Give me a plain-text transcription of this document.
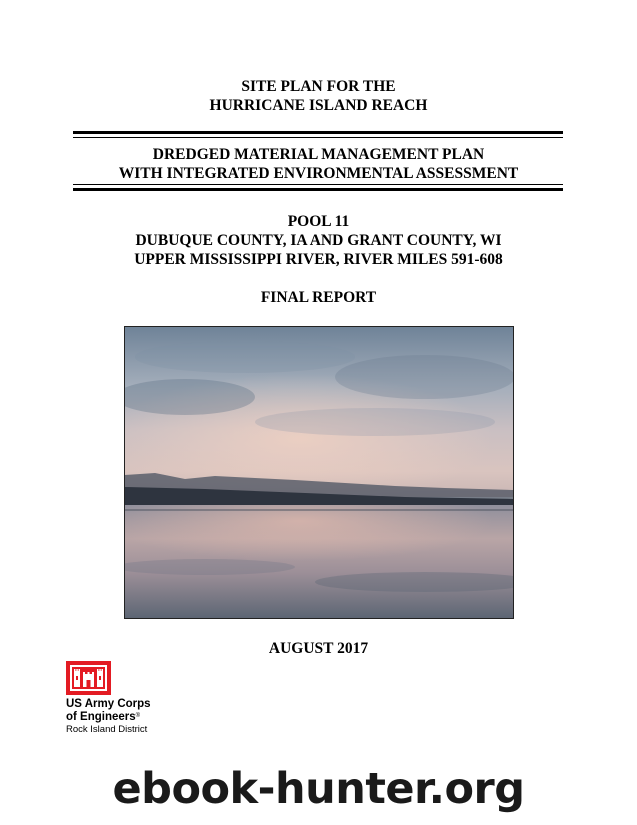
SITE PLAN FOR THE
HURRICANE ISLAND REACH
DREDGED MATERIAL MANAGEMENT PLAN
WITH INTEGRATED ENVIRONMENTAL ASSESSMENT
POOL 11
DUBUQUE COUNTY, IA AND GRANT COUNTY, WI
UPPER MISSISSIPPI RIVER, RIVER MILES 591-608
FINAL REPORT
AUGUST 2017
US Army Corps
of Engineers®
Rock Island District
ebook-hunter.org
